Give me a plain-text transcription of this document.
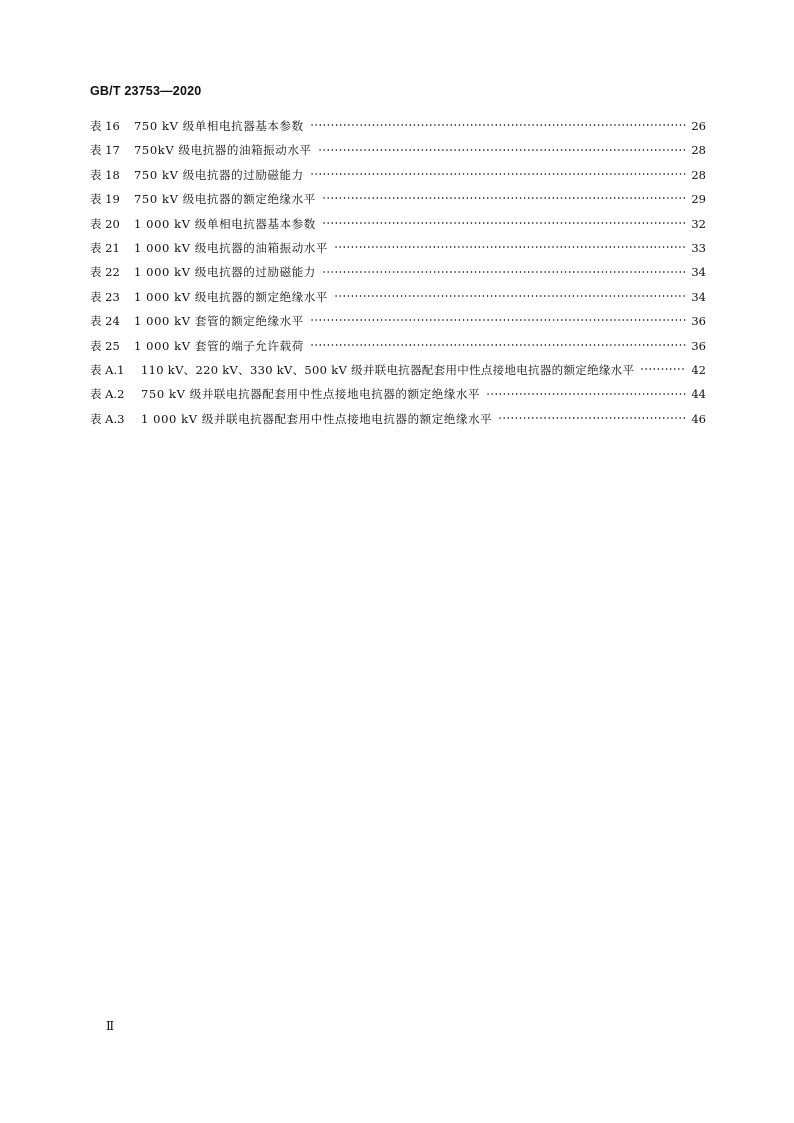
GB/T 23753—2020
表 16	750 kV 级单相电抗器基本参数	26
表 17	750kV 级电抗器的油箱振动水平	28
表 18	750 kV 级电抗器的过励磁能力	28
表 19	750 kV 级电抗器的额定绝缘水平	29
表 20	1 000 kV 级单相电抗器基本参数	32
表 21	1 000 kV 级电抗器的油箱振动水平	33
表 22	1 000 kV 级电抗器的过励磁能力	34
表 23	1 000 kV 级电抗器的额定绝缘水平	34
表 24	1 000 kV 套管的额定绝缘水平	36
表 25	1 000 kV 套管的端子允许载荷	36
表 A.1	110 kV、220 kV、330 kV、500 kV 级并联电抗器配套用中性点接地电抗器的额定绝缘水平	42
表 A.2	750 kV 级并联电抗器配套用中性点接地电抗器的额定绝缘水平	44
表 A.3	1 000 kV 级并联电抗器配套用中性点接地电抗器的额定绝缘水平	46
Ⅱ
